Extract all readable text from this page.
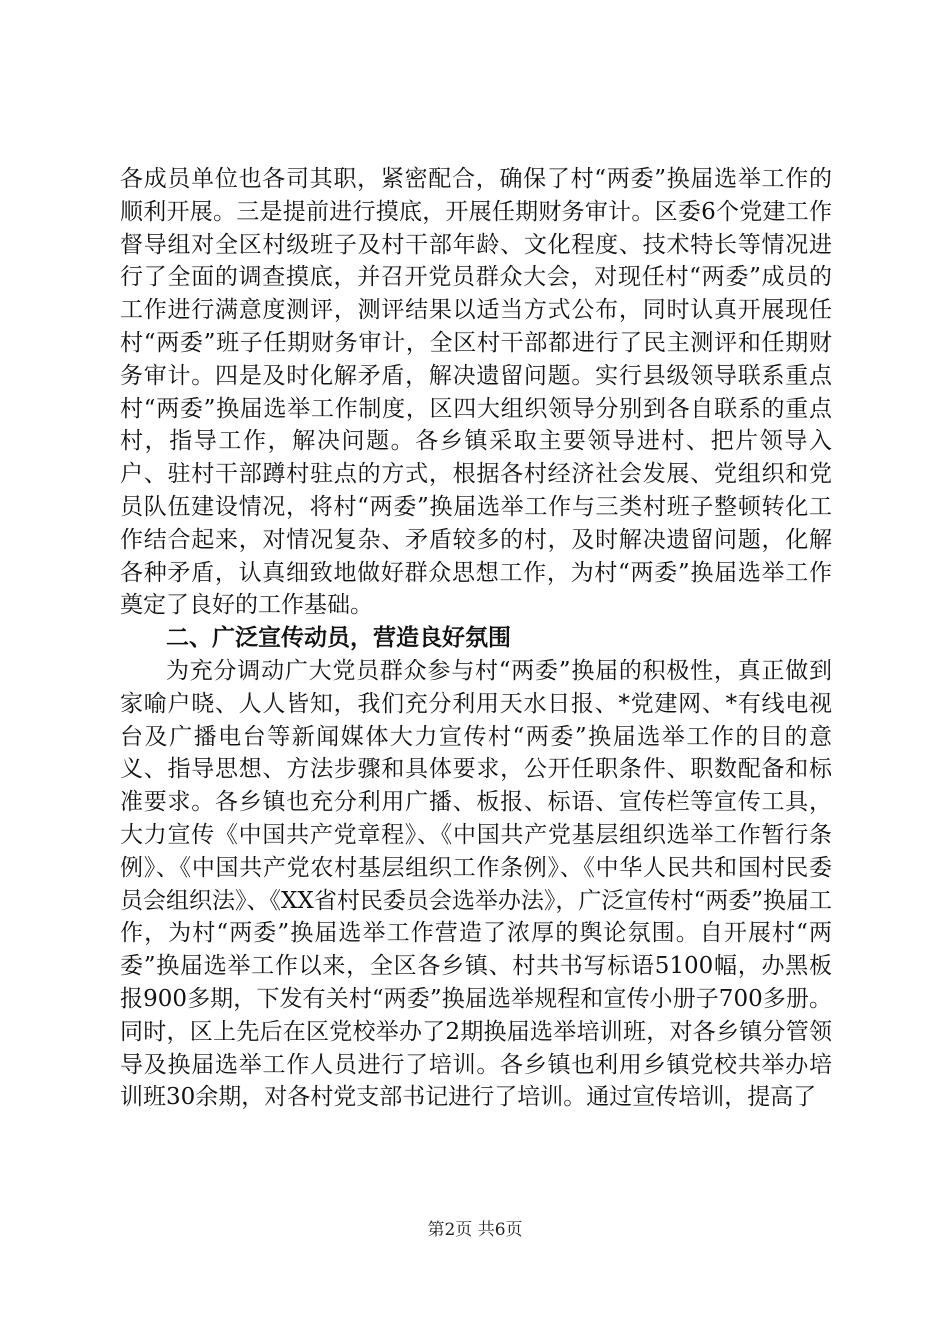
各成员单位也各司其职，紧密配合，确保了村“两委”换届选举工作的顺利开展。三是提前进行摸底，开展任期财务审计。区委6个党建工作督导组对全区村级班子及村干部年龄、文化程度、技术特长等情况进行了全面的调查摸底，并召开党员群众大会，对现任村“两委”成员的工作进行满意度测评，测评结果以适当方式公布，同时认真开展现任村“两委”班子任期财务审计，全区村干部都进行了民主测评和任期财务审计。四是及时化解矛盾，解决遗留问题。实行县级领导联系重点村“两委”换届选举工作制度，区四大组织领导分别到各自联系的重点村，指导工作，解决问题。各乡镇采取主要领导进村、把片领导入户、驻村干部蹲村驻点的方式，根据各村经济社会发展、党组织和党员队伍建设情况，将村“两委”换届选举工作与三类村班子整顿转化工作结合起来，对情况复杂、矛盾较多的村，及时解决遗留问题，化解各种矛盾，认真细致地做好群众思想工作，为村“两委”换届选举工作奠定了良好的工作基础。

二、广泛宣传动员，营造良好氛围

为充分调动广大党员群众参与村“两委”换届的积极性，真正做到家喻户晓、人人皆知，我们充分利用天水日报、*党建网、*有线电视台及广播电台等新闻媒体大力宣传村“两委”换届选举工作的目的意义、指导思想、方法步骤和具体要求，公开任职条件、职数配备和标准要求。各乡镇也充分利用广播、板报、标语、宣传栏等宣传工具，大力宣传《中国共产党章程》、《中国共产党基层组织选举工作暂行条例》、《中国共产党农村基层组织工作条例》、《中华人民共和国村民委员会组织法》、《XX省村民委员会选举办法》，广泛宣传村“两委”换届工作，为村“两委”换届选举工作营造了浓厚的舆论氛围。自开展村“两委”换届选举工作以来，全区各乡镇、村共书写标语5100幅，办黑板报900多期，下发有关村“两委”换届选举规程和宣传小册子700多册。同时，区上先后在区党校举办了2期换届选举培训班，对各乡镇分管领导及换届选举工作人员进行了培训。各乡镇也利用乡镇党校共举办培训班30余期，对各村党支部书记进行了培训。通过宣传培训，提高了

第2页 共6页
